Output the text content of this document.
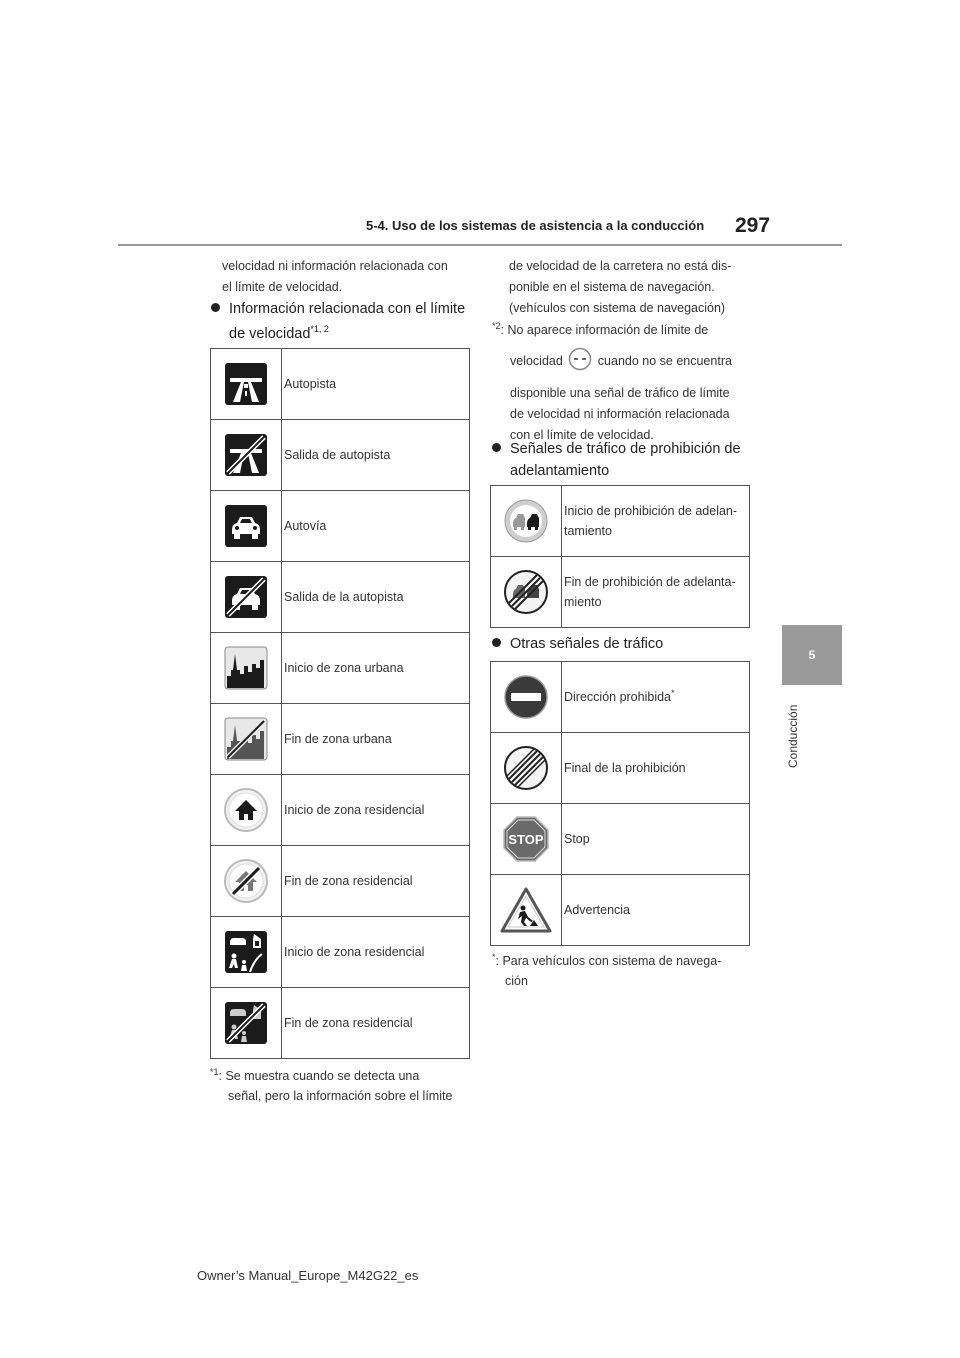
5-4. Uso de los sistemas de asistencia a la conducción 297
5
Conducción
velocidad ni información relacionada con
el límite de velocidad.
Información relacionada con el límite
de velocidad$^{*1, 2}$
	Autopista

	Salida de autopista

	Autovía

	Salida de la autopista

	Inicio de zona urbana

	Fin de zona urbana

	Inicio de zona residencial

	Fin de zona residencial

	Inicio de zona residencial

	Fin de zona residencial
$^{*1}$: Se muestra cuando se detecta una
señal, pero la información sobre el límite
de velocidad de la carretera no está dis-
ponible en el sistema de navegación.
(vehículos con sistema de navegación)
$^{*2}$: No aparece información de límite de
velocidad	cuando no se encuentra
disponible una señal de tráfico de límite
de velocidad ni información relacionada
con el límite de velocidad.
Señales de tráfico de prohibición de
adelantamiento

Inicio de prohibición de adelan-
tamiento

Fin de prohibición de adelanta-
miento
Otras señales de tráfico
	Dirección prohibida*

	Final de la prohibición

STOP	Stop

	Advertencia
*: Para vehículos con sistema de navega-
ción
Owner’s Manual_Europe_M42G22_es
